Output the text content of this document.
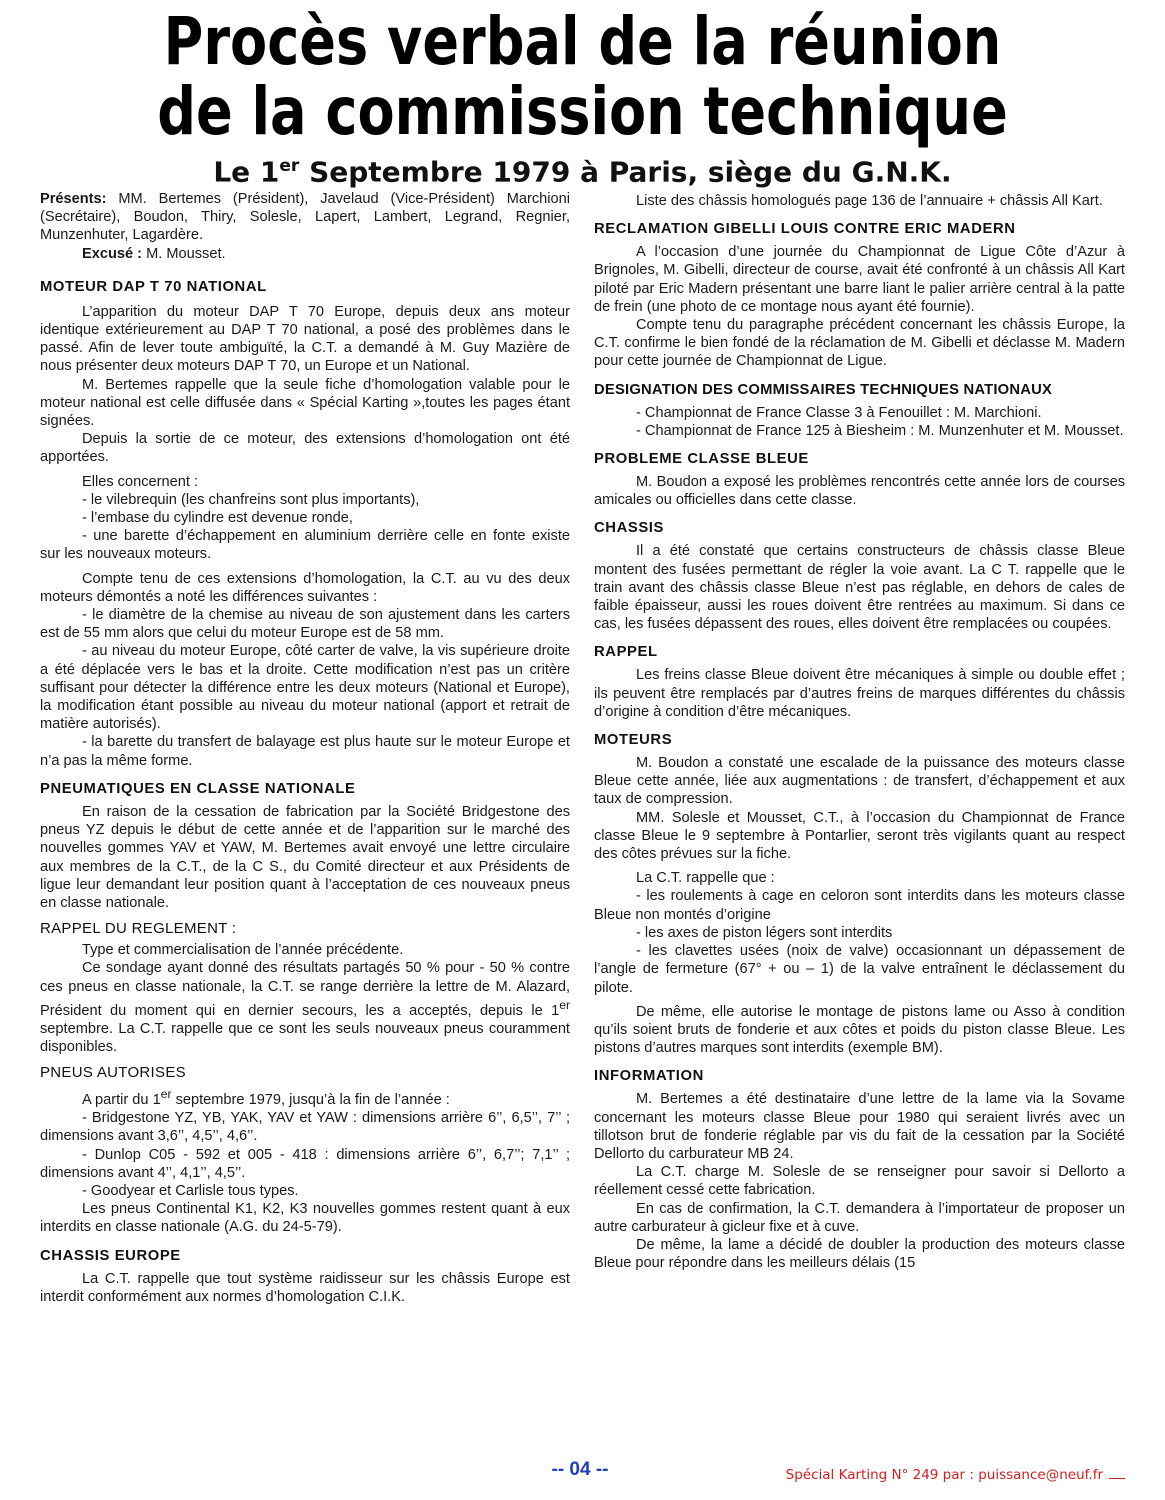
Procès verbal de la réunion
de la commission technique
Le 1er Septembre 1979 à Paris, siège du G.N.K.

Présents: MM. Bertemes (Président), Javelaud (Vice-Président) Marchioni (Secrétaire), Boudon, Thiry, Solesle, Lapert, Lambert, Legrand, Regnier, Munzenhuter, Lagardère.

Excusé : M. Mousset.

MOTEUR DAP T 70 NATIONAL

L’apparition du moteur DAP T 70 Europe, depuis deux ans moteur identique extérieurement au DAP T 70 national, a posé des problèmes dans le passé. Afin de lever toute ambiguïté, la C.T. a demandé à M. Guy Mazière de nous présenter deux moteurs DAP T 70, un Europe et un National.

M. Bertemes rappelle que la seule fiche d’homologation valable pour le moteur national est celle diffusée dans « Spécial Karting »,toutes les pages étant signées.

Depuis la sortie de ce moteur, des extensions d’homologation ont été apportées.

Elles concernent :

- le vilebrequin (les chanfreins sont plus importants),

- l’embase du cylindre est devenue ronde,

- une barette d’échappement en aluminium derrière celle en fonte existe sur les nouveaux moteurs.

Compte tenu de ces extensions d’homologation, la C.T. au vu des deux moteurs démontés a noté les différences suivantes :

- le diamètre de la chemise au niveau de son ajustement dans les carters est de 55 mm alors que celui du moteur Europe est de 58 mm.

- au niveau du moteur Europe, côté carter de valve, la vis supérieure droite a été déplacée vers le bas et la droite. Cette modification n’est pas un critère suffisant pour détecter la différence entre les deux moteurs (National et Europe), la modification étant possible au niveau du moteur national (apport et retrait de matière autorisés).

- la barette du transfert de balayage est plus haute sur le moteur Europe et n’a pas la même forme.

PNEUMATIQUES EN CLASSE NATIONALE

En raison de la cessation de fabrication par la Société Bridgestone des pneus YZ depuis le début de cette année et de l’apparition sur le marché des nouvelles gommes YAV et YAW, M. Bertemes avait envoyé une lettre circulaire aux membres de la C.T., de la C S., du Comité directeur et aux Présidents de ligue leur demandant leur position quant à l’acceptation de ces nouveaux pneus en classe nationale.

RAPPEL DU REGLEMENT :

Type et commercialisation de l’année précédente.

Ce sondage ayant donné des résultats partagés 50 % pour - 50 % contre ces pneus en classe nationale, la C.T. se range derrière la lettre de M. Alazard, Président du moment qui en dernier secours, les a acceptés, depuis le 1er septembre. La C.T. rappelle que ce sont les seuls nouveaux pneus couramment disponibles.

PNEUS AUTORISES

A partir du 1er septembre 1979, jusqu’à la fin de l’année :

- Bridgestone YZ, YB, YAK, YAV et YAW : dimensions arrière 6’’, 6,5’’, 7’’ ; dimensions avant 3,6’’, 4,5’’, 4,6’’.

- Dunlop C05 - 592 et 005 - 418 : dimensions arrière 6’’, 6,7’’; 7,1’’ ; dimensions avant 4’’, 4,1’’, 4,5’’.

- Goodyear et Carlisle tous types.

Les pneus Continental K1, K2, K3 nouvelles gommes restent quant à eux interdits en classe nationale (A.G. du 24-5-79).

CHASSIS EUROPE

La C.T. rappelle que tout système raidisseur sur les châssis Europe est interdit conformément aux normes d’homologation C.I.K.

Liste des châssis homologués page 136 de l’annuaire + châssis All Kart.

RECLAMATION GIBELLI LOUIS CONTRE ERIC MADERN

A l’occasion d’une journée du Championnat de Ligue Côte d’Azur à Brignoles, M. Gibelli, directeur de course, avait été confronté à un châssis All Kart piloté par Eric Madern présentant une barre liant le palier arrière central à la patte de frein (une photo de ce montage nous ayant été fournie).

Compte tenu du paragraphe précédent concernant les châssis Europe, la C.T. confirme le bien fondé de la réclamation de M. Gibelli et déclasse M. Madern pour cette journée de Championnat de Ligue.

DESIGNATION DES COMMISSAIRES TECHNIQUES NATIONAUX

- Championnat de France Classe 3 à Fenouillet : M. Marchioni.

- Championnat de France 125 à Biesheim : M. Munzenhuter et M. Mousset.

PROBLEME CLASSE BLEUE

M. Boudon a exposé les problèmes rencontrés cette année lors de courses amicales ou officielles dans cette classe.

CHASSIS

Il a été constaté que certains constructeurs de châssis classe Bleue montent des fusées permettant de régler la voie avant. La C T. rappelle que le train avant des châssis classe Bleue n’est pas réglable, en dehors de cales de faible épaisseur, aussi les roues doivent être rentrées au maximum. Si dans ce cas, les fusées dépassent des roues, elles doivent être remplacées ou coupées.

RAPPEL

Les freins classe Bleue doivent être mécaniques à simple ou double effet ; ils peuvent être remplacés par d’autres freins de marques différentes du châssis d’origine à condition d’être mécaniques.

MOTEURS

M. Boudon a constaté une escalade de la puissance des moteurs classe Bleue cette année, liée aux augmentations : de transfert, d’échappement et aux taux de compression.

MM. Solesle et Mousset, C.T., à l’occasion du Championnat de France classe Bleue le 9 septembre à Pontarlier, seront très vigilants quant au respect des côtes prévues sur la fiche.

La C.T. rappelle que :

- les roulements à cage en celoron sont interdits dans les moteurs classe Bleue non montés d’origine

- les axes de piston légers sont interdits

- les clavettes usées (noix de valve) occasionnant un dépassement de l’angle de fermeture (67° + ou – 1) de la valve entraînent le déclassement du pilote.

De même, elle autorise le montage de pistons lame ou Asso à condition qu’ils soient bruts de fonderie et aux côtes et poids du piston classe Bleue. Les pistons d’autres marques sont interdits (exemple BM).

INFORMATION

M. Bertemes a été destinataire d’une lettre de la lame via la Sovame concernant les moteurs classe Bleue pour 1980 qui seraient livrés avec un tillotson brut de fonderie réglable par vis du fait de la cessation par la Société Dellorto du carburateur MB 24.

La C.T. charge M. Solesle de se renseigner pour savoir si Dellorto a réellement cessé cette fabrication.

En cas de confirmation, la C.T. demandera à l’importateur de proposer un autre carburateur à gicleur fixe et à cuve.

De même, la lame a décidé de doubler la production des moteurs classe Bleue pour répondre dans les meilleurs délais (15

-- 04 --	Spécial Karting N° 249 par : puissance@neuf.fr
